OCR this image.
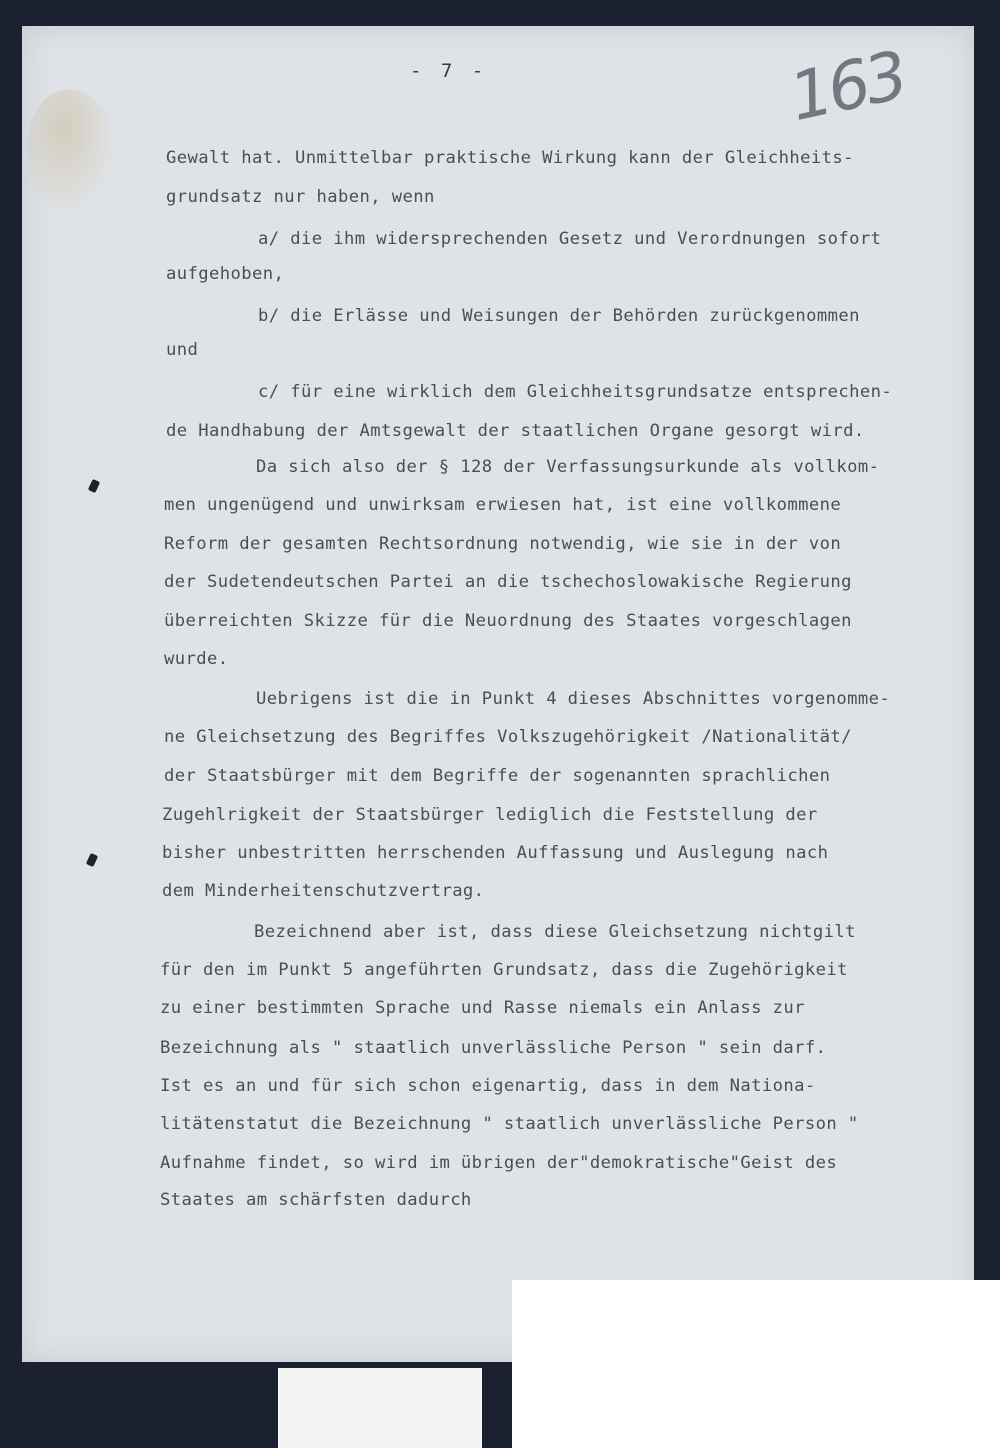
- 7 -	163

Gewalt hat. Unmittelbar praktische Wirkung kann der Gleichheits-

grundsatz nur haben, wenn

a/ die ihm widersprechenden Gesetz und Verordnungen sofort

aufgehoben,

b/ die Erlässe und Weisungen der Behörden zurückgenommen

und

c/ für eine wirklich dem Gleichheitsgrundsatze entsprechen-

de Handhabung der Amtsgewalt der staatlichen Organe gesorgt wird.

Da sich also der § 128 der Verfassungsurkunde als vollkom-

men ungenügend und unwirksam erwiesen hat, ist eine vollkommene

Reform der gesamten Rechtsordnung notwendig, wie sie in der von

der Sudetendeutschen Partei an die tschechoslowakische Regierung

überreichten Skizze für die Neuordnung des Staates vorgeschlagen

wurde.

Uebrigens ist die in Punkt 4 dieses Abschnittes vorgenomme-

ne Gleichsetzung des Begriffes Volkszugehörigkeit /Nationalität/

der Staatsbürger mit dem Begriffe der sogenannten sprachlichen

Zugehlrigkeit der Staatsbürger lediglich die Feststellung der

bisher unbestritten herrschenden Auffassung und Auslegung nach

dem Minderheitenschutzvertrag.

Bezeichnend aber ist, dass diese Gleichsetzung nichtgilt

für den im Punkt 5 angeführten Grundsatz, dass die Zugehörigkeit

zu einer bestimmten Sprache und Rasse niemals ein Anlass zur

Bezeichnung als " staatlich unverlässliche Person " sein darf.

Ist es an und für sich schon eigenartig, dass in dem Nationa-

litätenstatut die Bezeichnung " staatlich unverlässliche Person "

Aufnahme findet, so wird im übrigen der"demokratische"Geist des

Staates am schärfsten dadurch
